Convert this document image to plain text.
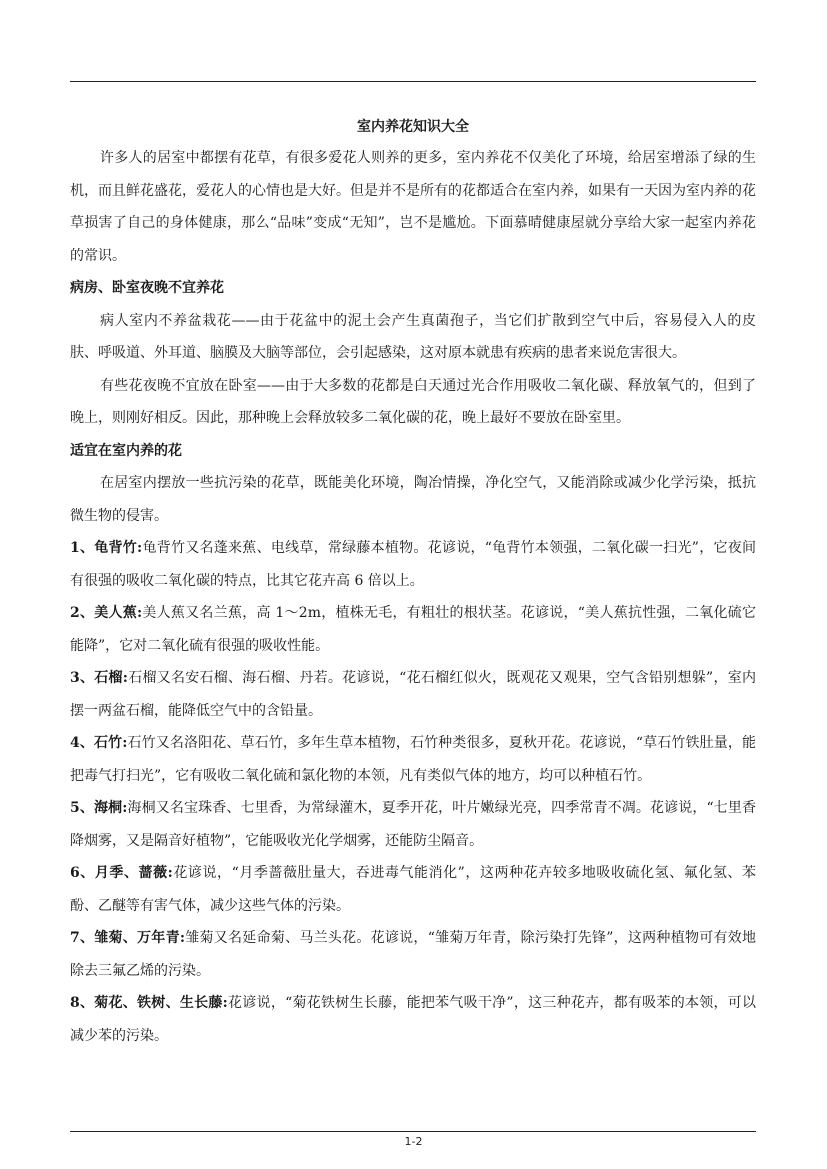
室内养花知识大全

许多人的居室中都摆有花草，有很多爱花人则养的更多，室内养花不仅美化了环境，给居室增添了绿的生机，而且鲜花盛花，爱花人的心情也是大好。但是并不是所有的花都适合在室内养，如果有一天因为室内养的花草损害了自己的身体健康，那么“品味”变成“无知”，岂不是尴尬。下面慕晴健康屋就分享给大家一起室内养花的常识。

病房、卧室夜晚不宜养花

病人室内不养盆栽花——由于花盆中的泥土会产生真菌孢子，当它们扩散到空气中后，容易侵入人的皮肤、呼吸道、外耳道、脑膜及大脑等部位，会引起感染，这对原本就患有疾病的患者来说危害很大。

有些花夜晚不宜放在卧室——由于大多数的花都是白天通过光合作用吸收二氧化碳、释放氧气的，但到了晚上，则刚好相反。因此，那种晚上会释放较多二氧化碳的花，晚上最好不要放在卧室里。

适宜在室内养的花

在居室内摆放一些抗污染的花草，既能美化环境，陶冶情操，净化空气，又能消除或减少化学污染，抵抗微生物的侵害。

1、龟背竹:龟背竹又名蓬来蕉、电线草，常绿藤本植物。花谚说，“龟背竹本领强，二氧化碳一扫光”，它夜间有很强的吸收二氧化碳的特点，比其它花卉高 6 倍以上。

2、美人蕉:美人蕉又名兰蕉，高 1～2m，植株无毛，有粗壮的根状茎。花谚说，“美人蕉抗性强，二氧化硫它能降”，它对二氧化硫有很强的吸收性能。

3、石榴:石榴又名安石榴、海石榴、丹若。花谚说，“花石榴红似火，既观花又观果，空气含铅别想躲”，室内摆一两盆石榴，能降低空气中的含铅量。

4、石竹:石竹又名洛阳花、草石竹，多年生草本植物，石竹种类很多，夏秋开花。花谚说，“草石竹铁肚量，能把毒气打扫光”，它有吸收二氧化硫和氯化物的本领，凡有类似气体的地方，均可以种植石竹。

5、海桐:海桐又名宝珠香、七里香，为常绿灌木，夏季开花，叶片嫩绿光亮，四季常青不凋。花谚说，“七里香降烟雾，又是隔音好植物”，它能吸收光化学烟雾，还能防尘隔音。

6、月季、蔷薇:花谚说，“月季蔷薇肚量大，吞进毒气能消化”，这两种花卉较多地吸收硫化氢、氟化氢、苯酚、乙醚等有害气体，减少这些气体的污染。

7、雏菊、万年青:雏菊又名延命菊、马兰头花。花谚说，“雏菊万年青，除污染打先锋”，这两种植物可有效地除去三氟乙烯的污染。

8、菊花、铁树、生长藤:花谚说，“菊花铁树生长藤，能把苯气吸干净”，这三种花卉，都有吸苯的本领，可以减少苯的污染。

1-2
